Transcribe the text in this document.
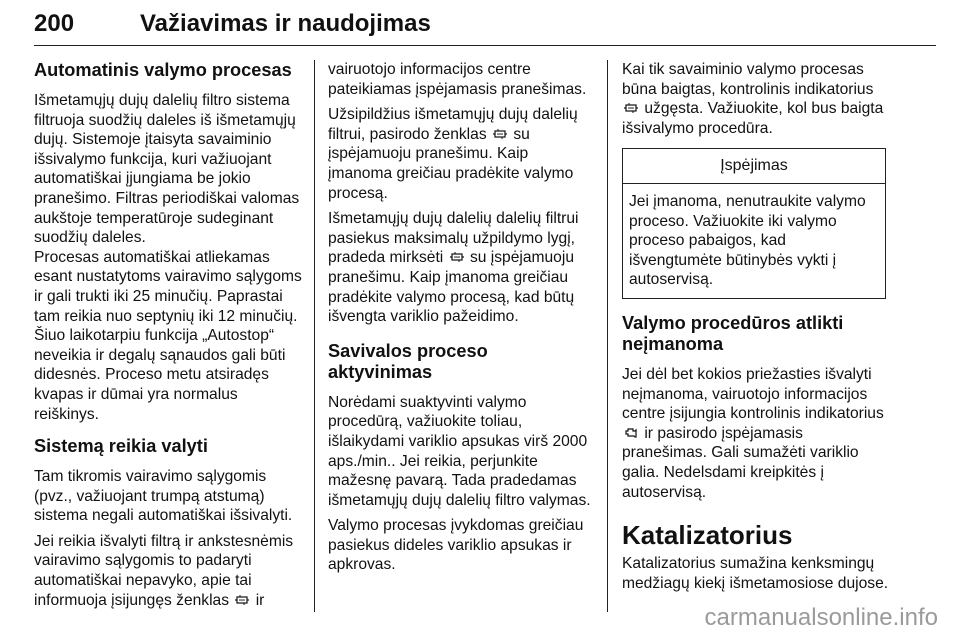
200	Važiavimas ir naudojimas
Automatinis valymo procesas

Išmetamųjų dujų dalelių filtro sistema filtruoja suodžių daleles iš išmetamųjų dujų. Sistemoje įtaisyta savaiminio išsivalymo funkcija, kuri važiuojant automatiškai įjungiama be jokio pranešimo. Filtras periodiškai valomas aukštoje temperatūroje sudeginant suodžių daleles.

Procesas automatiškai atliekamas esant nustatytoms vairavimo sąlygoms ir gali trukti iki 25 minučių. Paprastai tam reikia nuo septynių iki 12 minučių. Šiuo laikotarpiu funkcija „Autostop“ neveikia ir degalų sąnaudos gali būti didesnės. Proceso metu atsiradęs kvapas ir dūmai yra normalus reiškinys.

Sistemą reikia valyti

Tam tikromis vairavimo sąlygomis (pvz., važiuojant trumpą atstumą) sistema negali automatiškai išsivalyti.

Jei reikia išvalyti filtrą ir ankstesnėmis vairavimo sąlygomis to padaryti automatiškai nepavyko, apie tai informuoja įsijungęs ženklas ir

vairuotojo informacijos centre pateikiamas įspėjamasis pranešimas.

Užsipildžius išmetamųjų dujų dalelių filtrui, pasirodo ženklas su įspėjamuoju pranešimu. Kaip įmanoma greičiau pradėkite valymo procesą.

Išmetamųjų dujų dalelių dalelių filtrui pasiekus maksimalų užpildymo lygį, pradeda mirksėti su įspėjamuoju pranešimu. Kaip įmanoma greičiau pradėkite valymo procesą, kad būtų išvengta variklio pažeidimo.

Savivalos proceso aktyvinimas

Norėdami suaktyvinti valymo procedūrą, važiuokite toliau, išlaikydami variklio apsukas virš 2000 aps./min.. Jei reikia, perjunkite mažesnę pavarą. Tada pradedamas išmetamųjų dujų dalelių filtro valymas.

Valymo procesas įvykdomas greičiau pasiekus dideles variklio apsukas ir apkrovas.

Kai tik savaiminio valymo procesas būna baigtas, kontrolinis indikatorius
užgęsta. Važiuokite, kol bus baigta išsivalymo procedūra.

Įspėjimas
Jei įmanoma, nenutraukite valymo proceso. Važiuokite iki valymo proceso pabaigos, kad išvengtumėte būtinybės vykti į autoservisą.
Valymo procedūros atlikti neįmanoma

Jei dėl bet kokios priežasties išvalyti neįmanoma, vairuotojo informacijos centre įsijungia kontrolinis indikatorius
ir pasirodo įspėjamasis pranešimas. Gali sumažėti variklio galia. Nedelsdami kreipkitės į autoservisą.

Katalizatorius

Katalizatorius sumažina kenksmingų medžiagų kiekį išmetamosiose dujose.

carmanualsonline.info
